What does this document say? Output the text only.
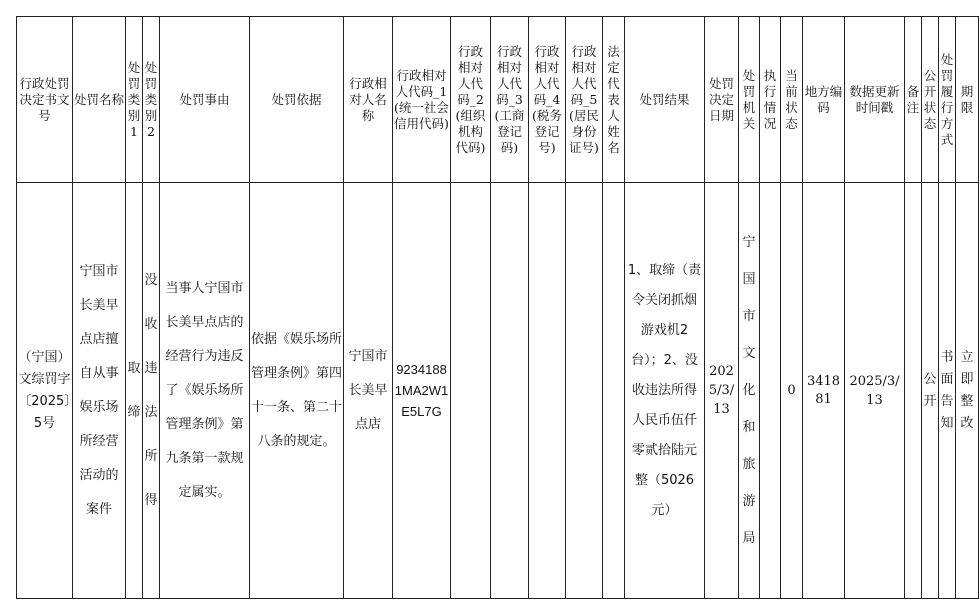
行政处罚决定书文号	处罚名称	处罚类别1	处罚类别2	处罚事由	处罚依据	行政相对人名称	行政相对人代码_1(统一社会信用代码)	行政相对人代码_2(组织机构代码)	行政相对人代码_3(工商登记码)	行政相对人代码_4(税务登记号)	行政相对人代码_5(居民身份证号)	法定代表人姓名	处罚结果	处罚决定日期	处罚机关	执行情况	当前状态	地方编码	数据更新时间戳	备注	公开状态	处罚履行方式	期限
（宁国）文综罚字〔2025〕5号	宁国市长美早点店擅自从事娱乐场所经营活动的案件	取缔	没收违法所得	当事人宁国市长美早点店的经营行为违反了《娱乐场所管理条例》第九条第一款规定属实。	依据《娱乐场所管理条例》第四十一条、第二十八条的规定。	宁国市长美早点店	92341881MA2W1E5L7G						1、取缔（责令关闭抓烟游戏机2台）；2、没收违法所得人民币伍仟零贰拾陆元整（5026元）	2025/3/13	宁国市文化和旅游局		0	341881	2025/3/13		公开	书面告知	立即整改
